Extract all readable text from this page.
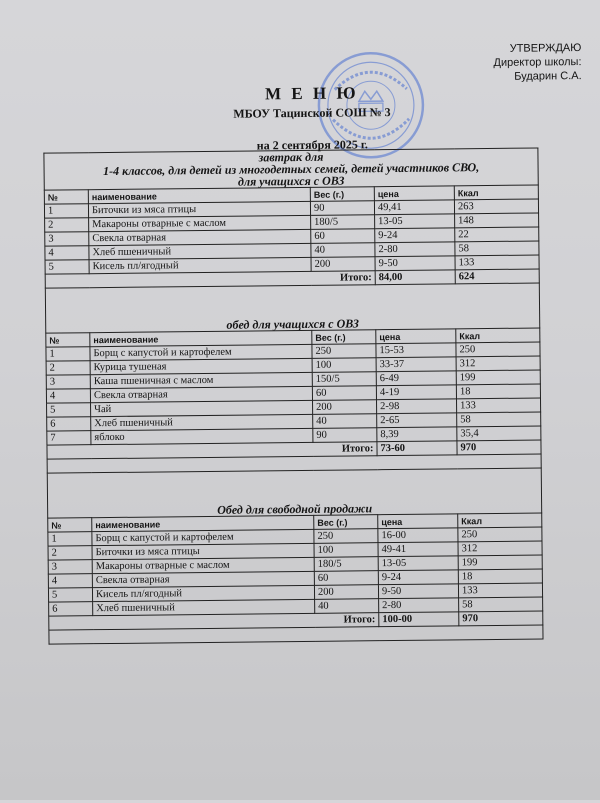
УТВЕРЖДАЮ
Директор школы:
Бударин С.А.
М Е Н Ю
МБОУ Тацинской СОШ № 3
на 2 сентября 2025 г.
завтрак для
1-4 классов, для детей из многодетных семей, детей участников СВО,
для учащихся с ОВЗ				

№	наименование	Вес (г.)	цена	Ккал
1	Биточки из мяса птицы	90	49,41	263
2	Макароны отварные с маслом	180/5	13-05	148
3	Свекла отварная	60	9-24	22
4	Хлеб пшеничный	40	2-80	58
5	Кисель пл/ягодный	200	9-50	133
Итого:			84,00	624
обед для учащихся с ОВЗ				
№	наименование	Вес (г.)	цена	Ккал
1	Борщ с капустой и картофелем	250	15-53	250
2	Курица тушеная	100	33-37	312
3	Каша пшеничная с маслом	150/5	6-49	199
4	Свекла отварная	60	4-19	18
5	Чай	200	2-98	133
6	Хлеб пшеничный	40	2-65	58
7	яблоко	90	8,39	35,4
Итого:			73-60	970

Обед для свободной продажи				
№	наименование	Вес (г.)	цена	Ккал
1	Борщ с капустой и картофелем	250	16-00	250
2	Биточки из мяса птицы	100	49-41	312
3	Макароны отварные с маслом	180/5	13-05	199
4	Свекла отварная	60	9-24	18
5	Кисель пл/ягодный	200	9-50	133
6	Хлеб пшеничный	40	2-80	58
Итого:			100-00	970
